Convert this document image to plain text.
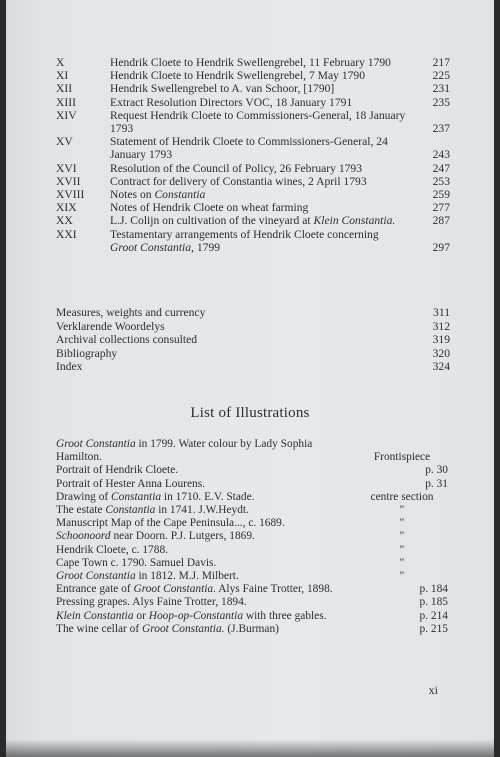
X	Hendrik Cloete to Hendrik Swellengrebel, 11 February 1790	217
XI	Hendrik Cloete to Hendrik Swellengrebel, 7 May 1790	225
XII	Hendrik Swellengrebel to A. van Schoor, [1790]	231
XIII	Extract Resolution Directors VOC, 18 January 1791	235
XIV	Request Hendrik Cloete to Commissioners-General, 18 January 1793	237
XV	Statement of Hendrik Cloete to Commissioners-General, 24 January 1793	243
XVI	Resolution of the Council of Policy, 26 February 1793	247
XVII	Contract for delivery of Constantia wines, 2 April 1793	253
XVIII	Notes on Constantia	259
XIX	Notes of Hendrik Cloete on wheat farming	277
XX	L.J. Colijn on cultivation of the vineyard at Klein Constantia.	287
XXI	Testamentary arrangements of Hendrik Cloete concerning
Groot Constantia, 1799	297
Measures, weights and currency	311
Verklarende Woordelys	312
Archival collections consulted	319
Bibliography	320
Index	324
List of Illustrations
Groot Constantia in 1799. Water colour by Lady Sophia
Hamilton.	Frontispiece
Portrait of Hendrik Cloete.	p. 30
Portrait of Hester Anna Lourens.	p. 31
Drawing of Constantia in 1710. E.V. Stade.	centre section
The estate Constantia in 1741. J.W.Heydt.	"
Manuscript Map of the Cape Peninsula..., c. 1689.	"
Schoonoord near Doorn. P.J. Lutgers, 1869.	"
Hendrik Cloete, c. 1788.	"
Cape Town c. 1790. Samuel Davis.	"
Groot Constantia in 1812. M.J. Milbert.	"
Entrance gate of Groot Constantia. Alys Faine Trotter, 1898.	p. 184
Pressing grapes. Alys Faine Trotter, 1894.	p. 185
Klein Constantia or Hoop-op-Constantia with three gables.	p. 214
The wine cellar of Groot Constantia. (J.Burman)	p. 215
xi
